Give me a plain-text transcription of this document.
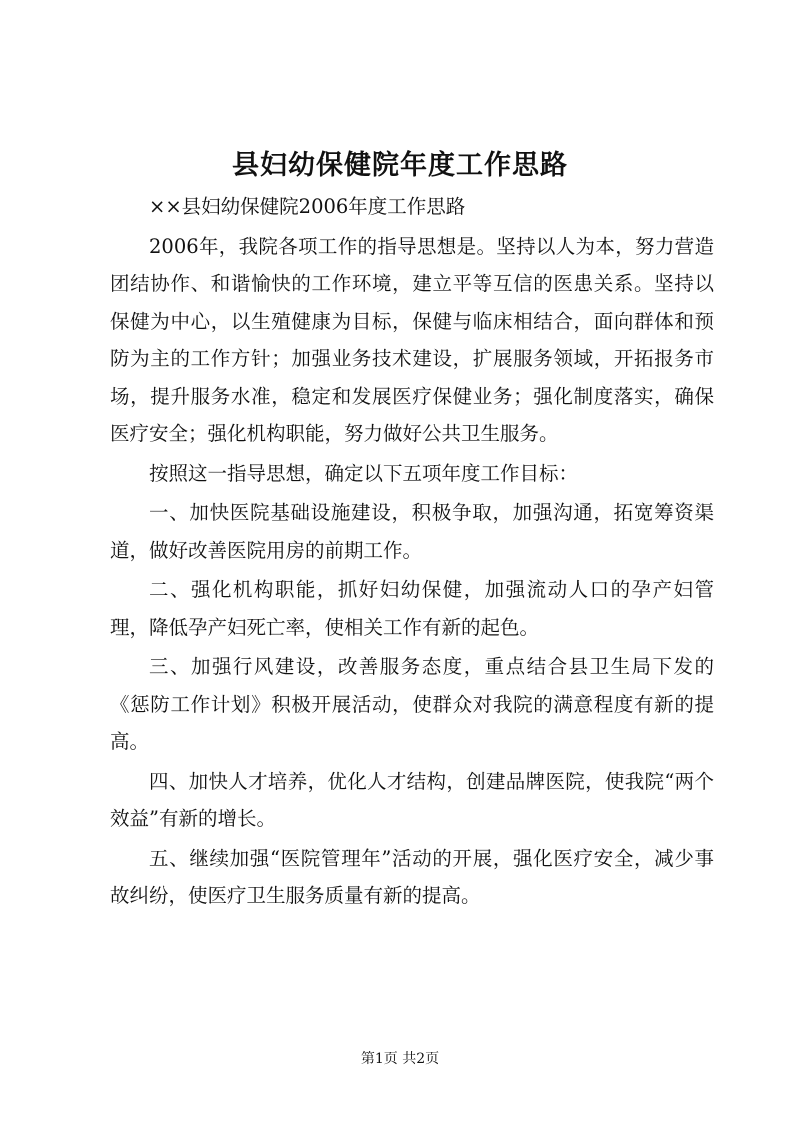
县妇幼保健院年度工作思路

××县妇幼保健院2006年度工作思路

2006年，我院各项工作的指导思想是。坚持以人为本，努力营造团结协作、和谐愉快的工作环境，建立平等互信的医患关系。坚持以保健为中心，以生殖健康为目标，保健与临床相结合，面向群体和预防为主的工作方针；加强业务技术建设，扩展服务领域，开拓报务市场，提升服务水准，稳定和发展医疗保健业务；强化制度落实，确保医疗安全；强化机构职能，努力做好公共卫生服务。

按照这一指导思想，确定以下五项年度工作目标：

一、加快医院基础设施建设，积极争取，加强沟通，拓宽筹资渠道，做好改善医院用房的前期工作。

二、强化机构职能，抓好妇幼保健，加强流动人口的孕产妇管理，降低孕产妇死亡率，使相关工作有新的起色。

三、加强行风建设，改善服务态度，重点结合县卫生局下发的《惩防工作计划》积极开展活动，使群众对我院的满意程度有新的提高。

四、加快人才培养，优化人才结构，创建品牌医院，使我院“两个效益”有新的增长。

五、继续加强“医院管理年”活动的开展，强化医疗安全，减少事故纠纷，使医疗卫生服务质量有新的提高。

第1页 共2页
